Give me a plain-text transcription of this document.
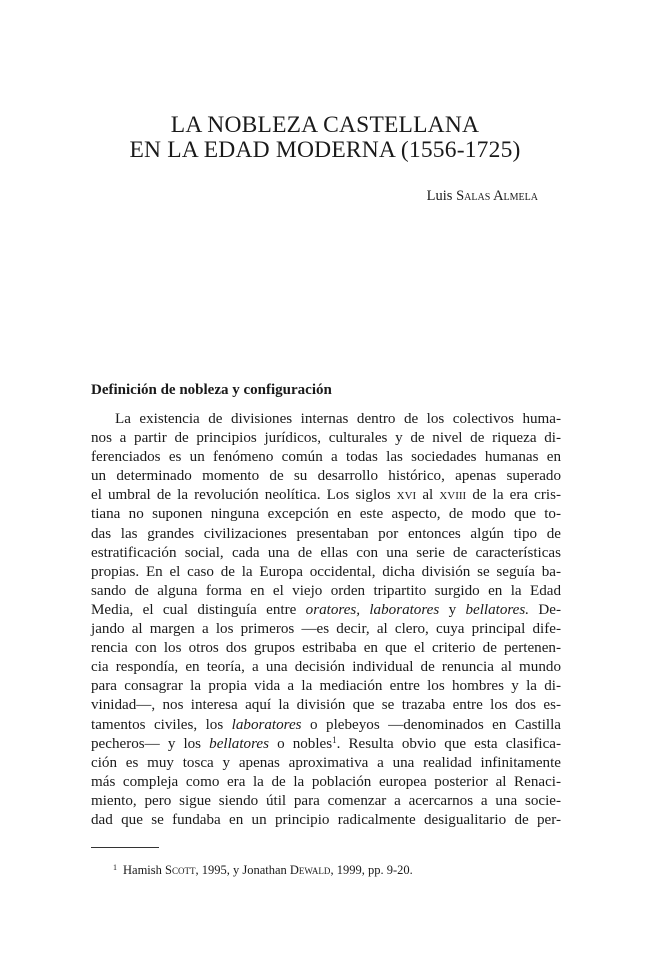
LA NOBLEZA CASTELLANA
EN LA EDAD MODERNA (1556-1725)
Luis Salas Almela
Definición de nobleza y configuración
La existencia de divisiones internas dentro de los colectivos huma-
nos a partir de principios jurídicos, culturales y de nivel de riqueza di-
ferenciados es un fenómeno común a todas las sociedades humanas en
un determinado momento de su desarrollo histórico, apenas superado
el umbral de la revolución neolítica. Los siglos xvi al xviii de la era cris-
tiana no suponen ninguna excepción en este aspecto, de modo que to-
das las grandes civilizaciones presentaban por entonces algún tipo de
estratificación social, cada una de ellas con una serie de características
propias. En el caso de la Europa occidental, dicha división se seguía ba-
sando de alguna forma en el viejo orden tripartito surgido en la Edad
Media, el cual distinguía entre oratores, laboratores y bellatores. De-
jando al margen a los primeros —es decir, al clero, cuya principal dife-
rencia con los otros dos grupos estribaba en que el criterio de pertenen-
cia respondía, en teoría, a una decisión individual de renuncia al mundo
para consagrar la propia vida a la mediación entre los hombres y la di-
vinidad—, nos interesa aquí la división que se trazaba entre los dos es-
tamentos civiles, los laboratores o plebeyos —denominados en Castilla
pecheros— y los bellatores o nobles$^1$. Resulta obvio que esta clasifica-
ción es muy tosca y apenas aproximativa a una realidad infinitamente
más compleja como era la de la población europea posterior al Renaci-
miento, pero sigue siendo útil para comenzar a acercarnos a una socie-
dad que se fundaba en un principio radicalmente desigualitario de per-
$^1$ Hamish Scott, 1995, y Jonathan Dewald, 1999, pp. 9-20.
